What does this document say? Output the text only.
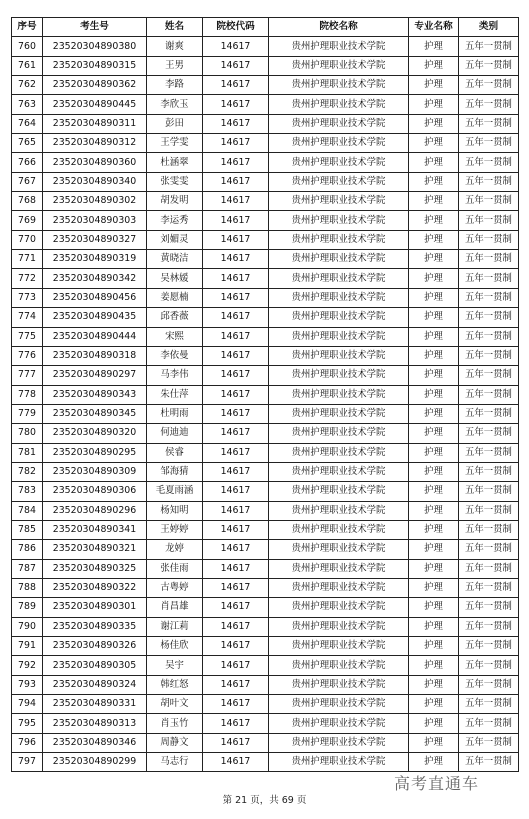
序号	考生号	姓名	院校代码	院校名称	专业名称	类别
760	23520304890380	谢爽	14617	贵州护理职业技术学院	护理	五年一贯制
761	23520304890315	王男	14617	贵州护理职业技术学院	护理	五年一贯制
762	23520304890362	李路	14617	贵州护理职业技术学院	护理	五年一贯制
763	23520304890445	李欣玉	14617	贵州护理职业技术学院	护理	五年一贯制
764	23520304890311	彭田	14617	贵州护理职业技术学院	护理	五年一贯制
765	23520304890312	王学雯	14617	贵州护理职业技术学院	护理	五年一贯制
766	23520304890360	杜涵翠	14617	贵州护理职业技术学院	护理	五年一贯制
767	23520304890340	张雯雯	14617	贵州护理职业技术学院	护理	五年一贯制
768	23520304890302	胡发明	14617	贵州护理职业技术学院	护理	五年一贯制
769	23520304890303	李运秀	14617	贵州护理职业技术学院	护理	五年一贯制
770	23520304890327	刘媚灵	14617	贵州护理职业技术学院	护理	五年一贯制
771	23520304890319	黄晓洁	14617	贵州护理职业技术学院	护理	五年一贯制
772	23520304890342	吴林媛	14617	贵州护理职业技术学院	护理	五年一贯制
773	23520304890456	姜愿楠	14617	贵州护理职业技术学院	护理	五年一贯制
774	23520304890435	邱香薇	14617	贵州护理职业技术学院	护理	五年一贯制
775	23520304890444	宋熙	14617	贵州护理职业技术学院	护理	五年一贯制
776	23520304890318	李依曼	14617	贵州护理职业技术学院	护理	五年一贯制
777	23520304890297	马李伟	14617	贵州护理职业技术学院	护理	五年一贯制
778	23520304890343	朱仕萍	14617	贵州护理职业技术学院	护理	五年一贯制
779	23520304890345	杜明雨	14617	贵州护理职业技术学院	护理	五年一贯制
780	23520304890320	何迪迪	14617	贵州护理职业技术学院	护理	五年一贯制
781	23520304890295	侯睿	14617	贵州护理职业技术学院	护理	五年一贯制
782	23520304890309	邹海猜	14617	贵州护理职业技术学院	护理	五年一贯制
783	23520304890306	毛夏雨涵	14617	贵州护理职业技术学院	护理	五年一贯制
784	23520304890296	杨知明	14617	贵州护理职业技术学院	护理	五年一贯制
785	23520304890341	王婷婷	14617	贵州护理职业技术学院	护理	五年一贯制
786	23520304890321	龙婷	14617	贵州护理职业技术学院	护理	五年一贯制
787	23520304890325	张佳雨	14617	贵州护理职业技术学院	护理	五年一贯制
788	23520304890322	古粤婷	14617	贵州护理职业技术学院	护理	五年一贯制
789	23520304890301	肖昌雄	14617	贵州护理职业技术学院	护理	五年一贯制
790	23520304890335	谢江莉	14617	贵州护理职业技术学院	护理	五年一贯制
791	23520304890326	杨佳欣	14617	贵州护理职业技术学院	护理	五年一贯制
792	23520304890305	吴宇	14617	贵州护理职业技术学院	护理	五年一贯制
793	23520304890324	韩红怒	14617	贵州护理职业技术学院	护理	五年一贯制
794	23520304890331	胡叶文	14617	贵州护理职业技术学院	护理	五年一贯制
795	23520304890313	肖玉竹	14617	贵州护理职业技术学院	护理	五年一贯制
796	23520304890346	周静文	14617	贵州护理职业技术学院	护理	五年一贯制
797	23520304890299	马志行	14617	贵州护理职业技术学院	护理	五年一贯制
第 21 页，共 69 页
高考直通车
